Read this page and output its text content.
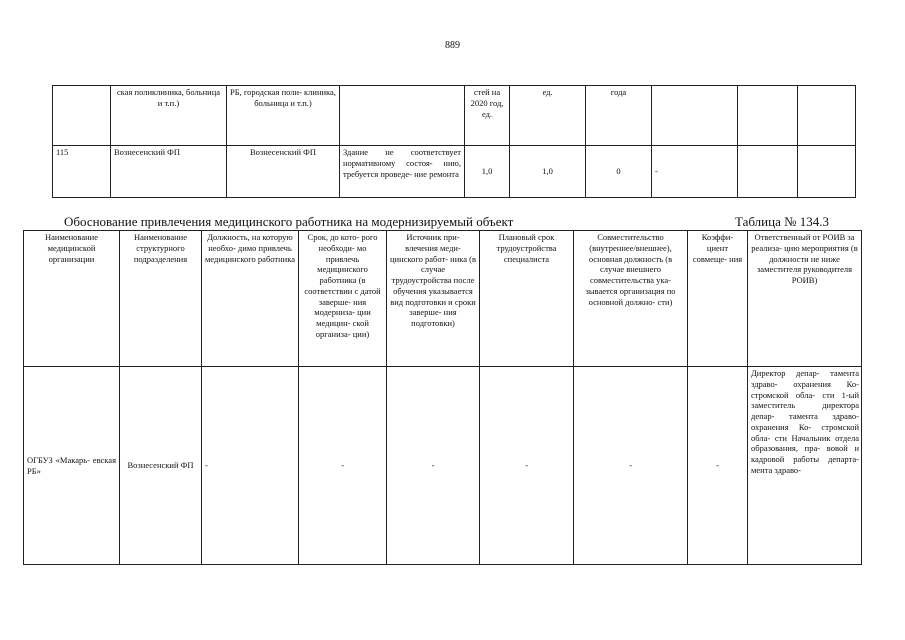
889
	ская поликлиника, больница и т.п.)	РБ, городская поли- клиника, больница и т.п.)		стей на 2020 год, ед.	ед.	года			
115	Вознесенский ФП	Вознесенский ФП	Здание не соответствует нормативному состоя- нию, требуется проведе- ние ремонта	1,0	1,0	0	-		
Обоснование привлечения медицинского работника на модернизируемый объект	Таблица № 134.3
Наименование медицинской организации	Наименование структурного подразделения	Должность, на которую необхо- димо привлечь медицинского работника	Срок, до кото- рого необходи- мо привлечь медицинского работника (в соответствии с датой заверше- ния модерниза- ции медицин- ской организа- ции)	Источник при- влечения меди- цинского работ- ника (в случае трудоустройства после обучения указывается вид подготовки и сроки заверше- ния подготовки)	Плановый срок трудоустройства специалиста	Совместительство (внутреннее/внешнее), основная должность (в случае внешнего совместительства ука- зывается организация по основной должно- сти)	Коэффи- циент совмеще- ния	Ответственный от РОИВ за реализа- цию мероприятия (в должности не ниже заместителя руководителя РОИВ)
ОГБУЗ «Макарь- евская РБ»	Вознесенский ФП	-	-	-	-	-	-	Директор депар- тамента здраво- охранения Ко- стромской обла- сти 1-ый заместитель директора депар- тамента здраво- охранения Ко- стромской обла- сти Начальник отдела образования, пра- вовой и кадровой работы департа- мента здраво-
